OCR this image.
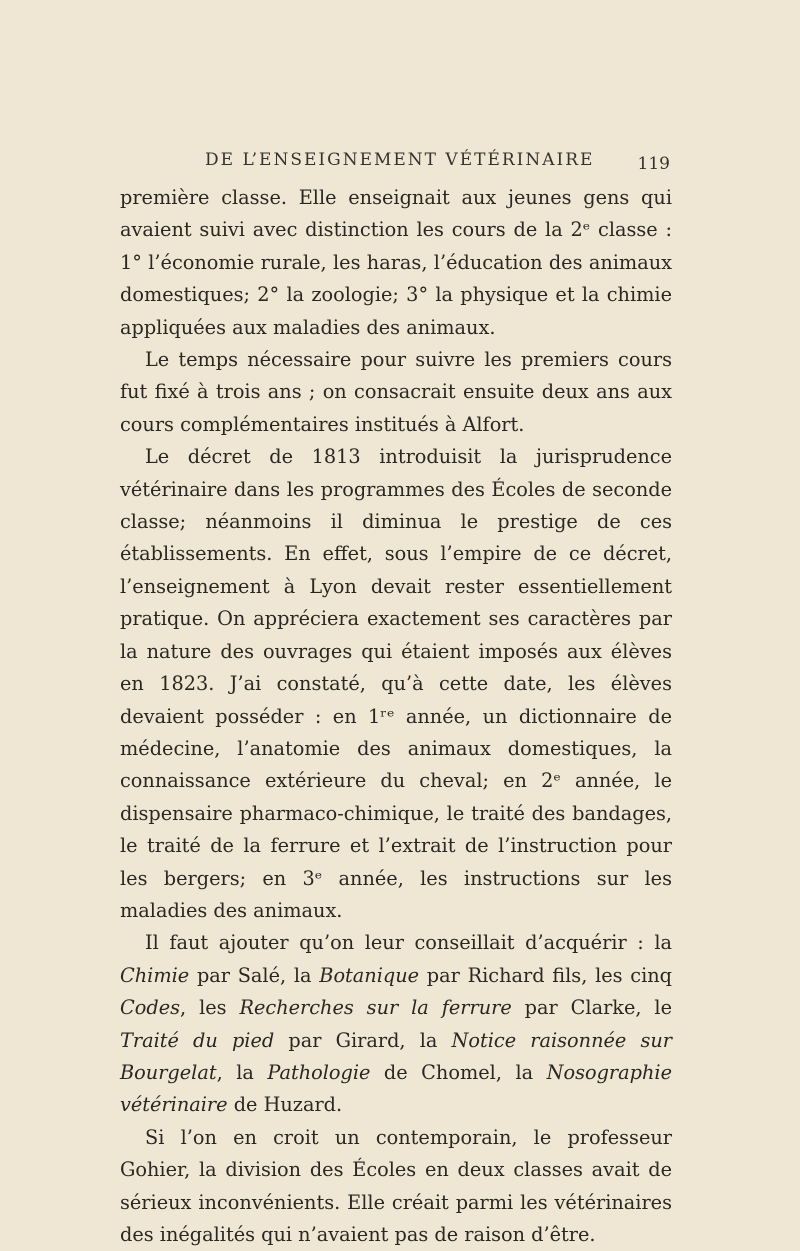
DE L’ENSEIGNEMENT VÉTÉRINAIRE	119

première classe. Elle enseignait aux jeunes gens qui avaient suivi avec distinction les cours de la 2ᵉ classe : 1° l’économie rurale, les haras, l’éducation des animaux domestiques; 2° la zoologie; 3° la physique et la chimie appliquées aux maladies des animaux.

Le temps nécessaire pour suivre les premiers cours fut fixé à trois ans ; on consacrait ensuite deux ans aux cours complémentaires institués à Alfort.

Le décret de 1813 introduisit la jurisprudence vétérinaire dans les programmes des Écoles de seconde classe; néanmoins il diminua le prestige de ces établissements. En effet, sous l’empire de ce décret, l’enseignement à Lyon devait rester essentiellement pratique. On appréciera exactement ses caractères par la nature des ouvrages qui étaient imposés aux élèves en 1823. J’ai constaté, qu’à cette date, les élèves devaient posséder : en 1ʳᵉ année, un dictionnaire de médecine, l’anatomie des animaux domestiques, la connaissance extérieure du cheval; en 2ᵉ année, le dispensaire pharmaco-chimique, le traité des bandages, le traité de la ferrure et l’extrait de l’instruction pour les bergers; en 3ᵉ année, les instructions sur les maladies des animaux.

Il faut ajouter qu’on leur conseillait d’acquérir : la Chimie par Salé, la Botanique par Richard fils, les cinq Codes, les Recherches sur la ferrure par Clarke, le Traité du pied par Girard, la Notice raisonnée sur Bourgelat, la Pathologie de Chomel, la Nosographie vétérinaire de Huzard.

Si l’on en croit un contemporain, le professeur Gohier, la division des Écoles en deux classes avait de sérieux inconvénients. Elle créait parmi les vétérinaires des inégalités qui n’avaient pas de raison d’être.
